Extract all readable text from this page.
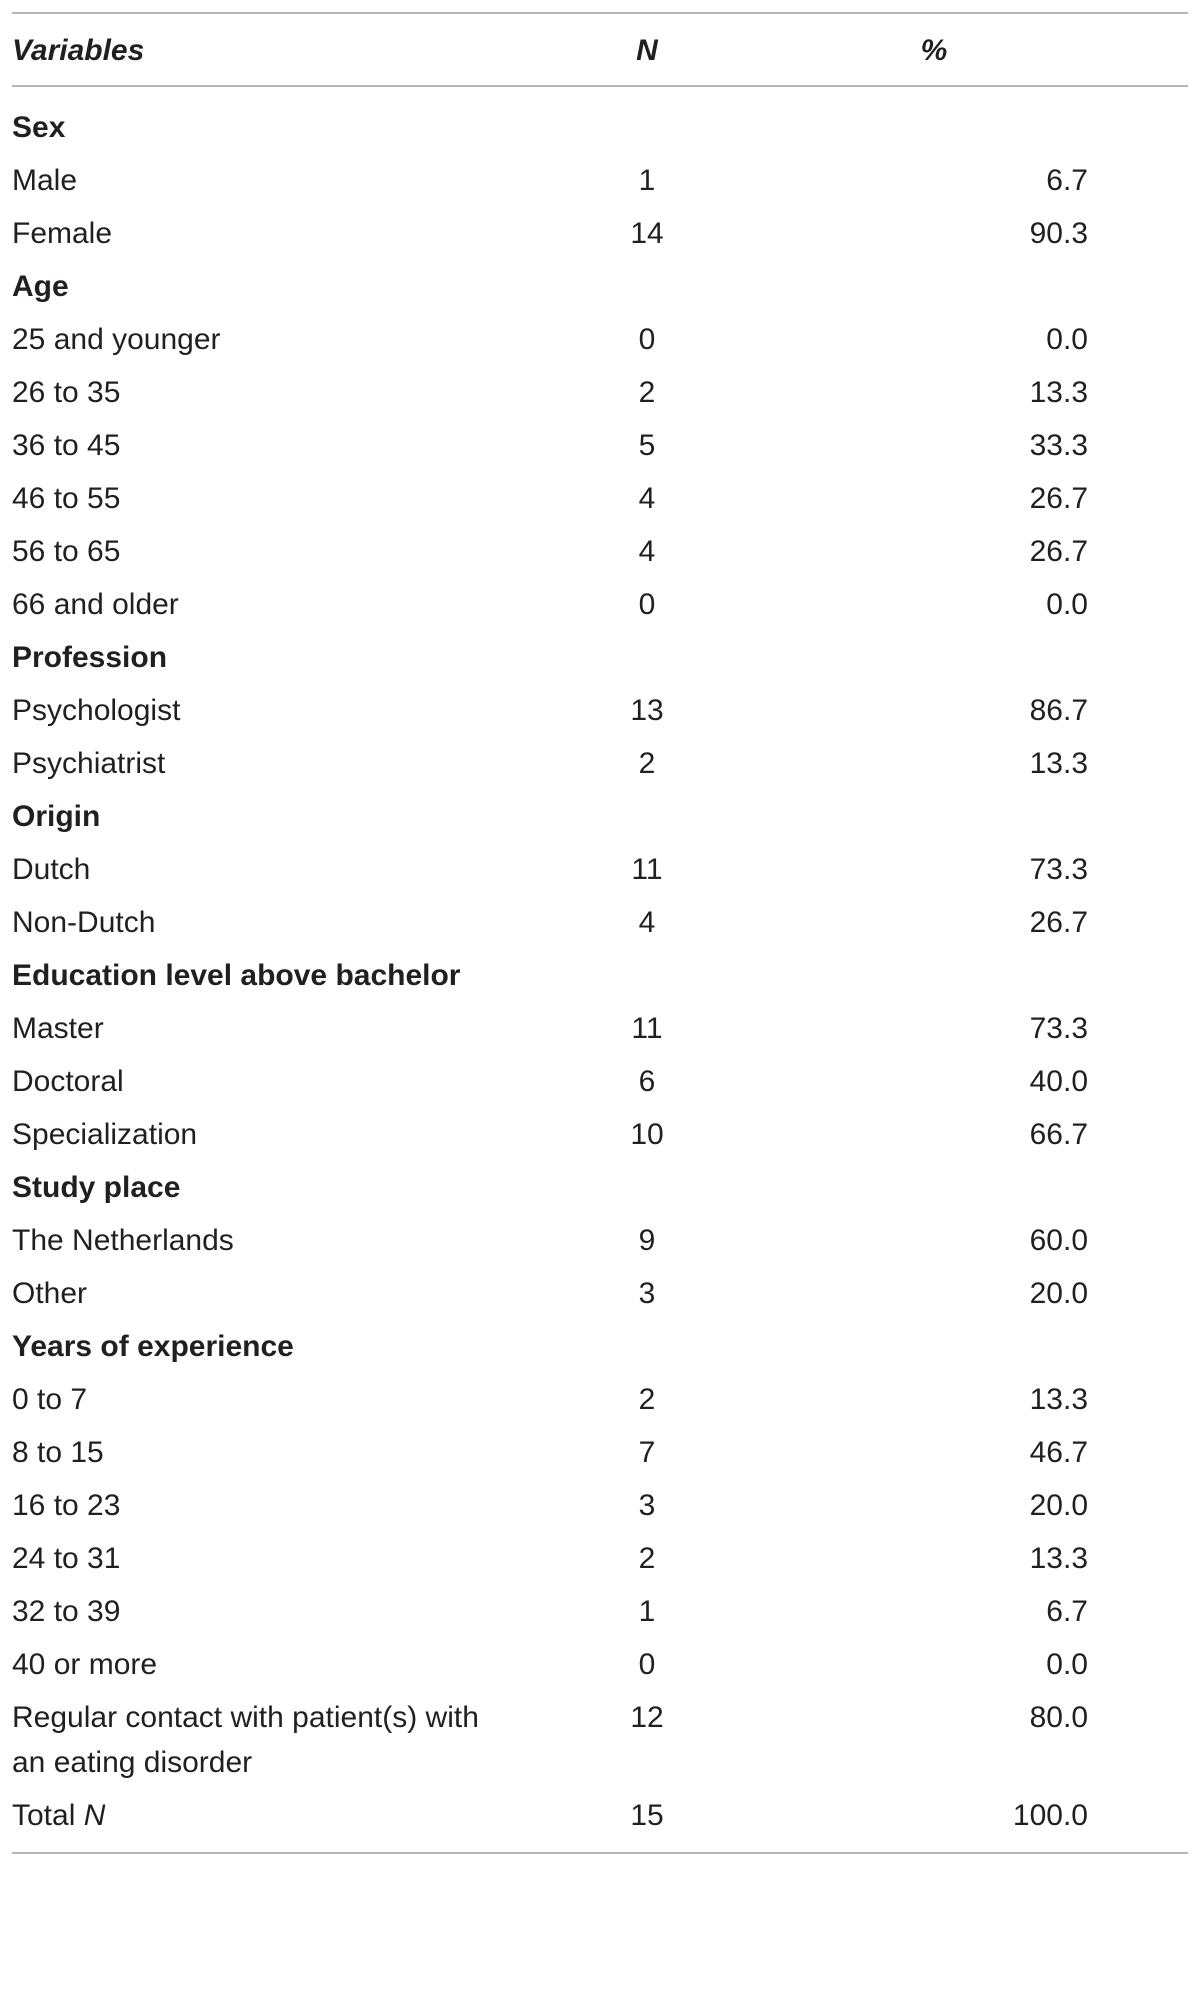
Variables	N	%
Sex		
Male	1	6.7
Female	14	90.3
Age		
25 and younger	0	0.0
26 to 35	2	13.3
36 to 45	5	33.3
46 to 55	4	26.7
56 to 65	4	26.7
66 and older	0	0.0
Profession		
Psychologist	13	86.7
Psychiatrist	2	13.3
Origin		
Dutch	11	73.3
Non-Dutch	4	26.7
Education level above bachelor		
Master	11	73.3
Doctoral	6	40.0
Specialization	10	66.7
Study place		
The Netherlands	9	60.0
Other	3	20.0
Years of experience		
0 to 7	2	13.3
8 to 15	7	46.7
16 to 23	3	20.0
24 to 31	2	13.3
32 to 39	1	6.7
40 or more	0	0.0
Regular contact with patient(s) with an eating disorder	12	80.0
Total N	15	100.0
